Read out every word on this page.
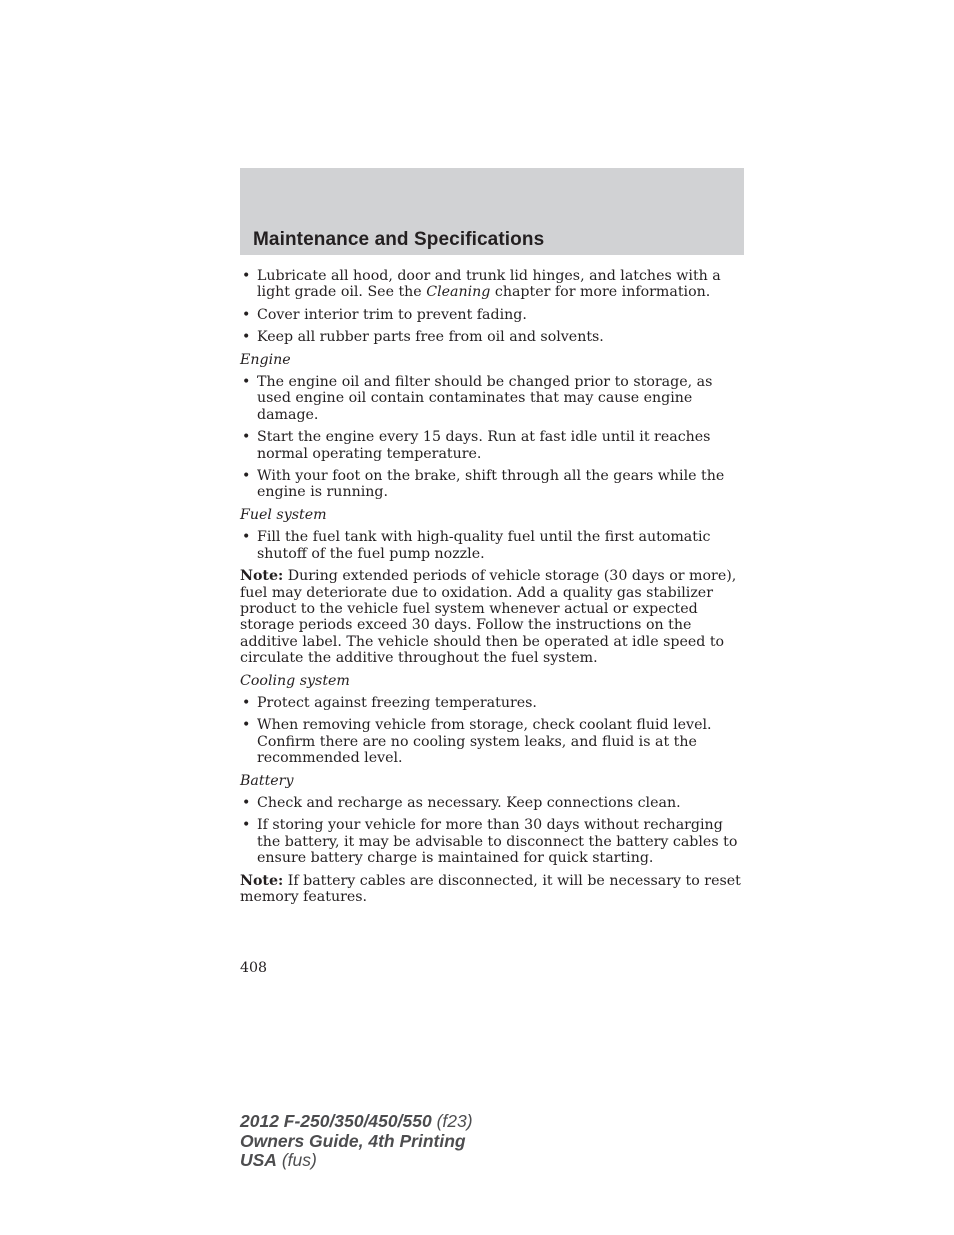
Maintenance and Specifications
• Lubricate all hood, door and trunk lid hinges, and latches with a light grade oil. See the Cleaning chapter for more information.
• Cover interior trim to prevent fading.
• Keep all rubber parts free from oil and solvents.
Engine
• The engine oil and filter should be changed prior to storage, as used engine oil contain contaminates that may cause engine damage.
• Start the engine every 15 days. Run at fast idle until it reaches normal operating temperature.
• With your foot on the brake, shift through all the gears while the engine is running.
Fuel system
• Fill the fuel tank with high-quality fuel until the first automatic shutoff of the fuel pump nozzle.

Note: During extended periods of vehicle storage (30 days or more), fuel may deteriorate due to oxidation. Add a quality gas stabilizer product to the vehicle fuel system whenever actual or expected storage periods exceed 30 days. Follow the instructions on the additive label. The vehicle should then be operated at idle speed to circulate the additive throughout the fuel system.

Cooling system
• Protect against freezing temperatures.
• When removing vehicle from storage, check coolant fluid level. Confirm there are no cooling system leaks, and fluid is at the recommended level.
Battery
• Check and recharge as necessary. Keep connections clean.
• If storing your vehicle for more than 30 days without recharging the battery, it may be advisable to disconnect the battery cables to ensure battery charge is maintained for quick starting.

Note: If battery cables are disconnected, it will be necessary to reset memory features.

408
2012 F-250/350/450/550 (f23)
Owners Guide, 4th Printing
USA (fus)
